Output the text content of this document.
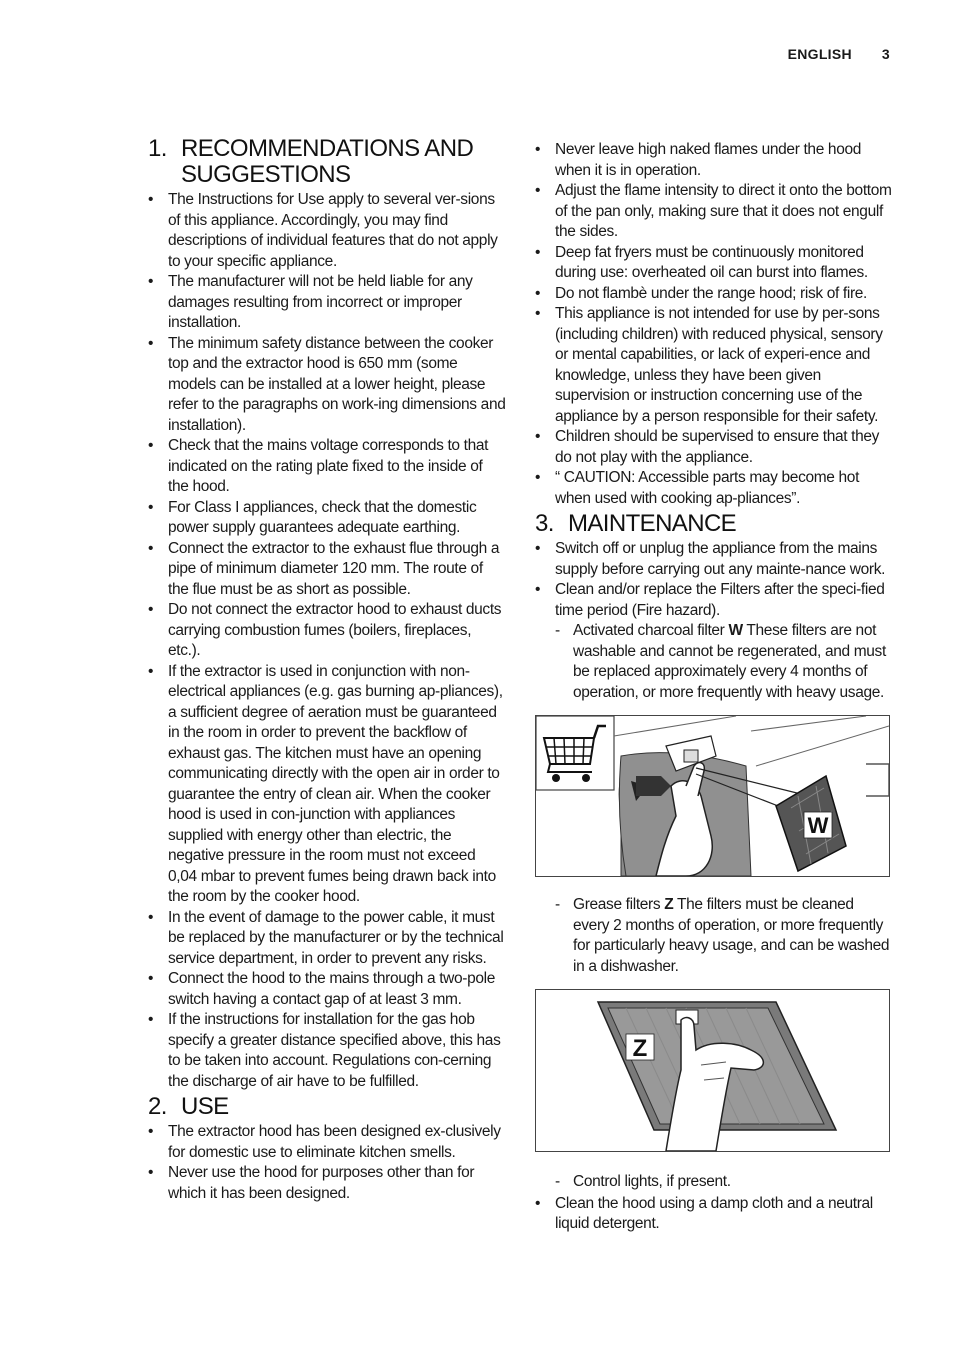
ENGLISH 3
1. RECOMMENDATIONS AND SUGGESTIONS
• The Instructions for Use apply to several ver-sions of this appliance. Accordingly, you may find descriptions of individual features that do not apply to your specific appliance.
• The manufacturer will not be held liable for any damages resulting from incorrect or improper installation.
• The minimum safety distance between the cooker top and the extractor hood is 650 mm (some models can be installed at a lower height, please refer to the paragraphs on work-ing dimensions and installation).
• Check that the mains voltage corresponds to that indicated on the rating plate fixed to the inside of the hood.
• For Class I appliances, check that the domestic power supply guarantees adequate earthing.
• Connect the extractor to the exhaust flue through a pipe of minimum diameter 120 mm. The route of the flue must be as short as possible.
• Do not connect the extractor hood to exhaust ducts carrying combustion fumes (boilers, fireplaces, etc.).
• If the extractor is used in conjunction with non-electrical appliances (e.g. gas burning ap-pliances), a sufficient degree of aeration must be guaranteed in the room in order to prevent the backflow of exhaust gas. The kitchen must have an opening communicating directly with the open air in order to guarantee the entry of clean air. When the cooker hood is used in con-junction with appliances supplied with energy other than electric, the negative pressure in the room must not exceed 0,04 mbar to prevent fumes being drawn back into the room by the cooker hood.
• In the event of damage to the power cable, it must be replaced by the manufacturer or by the technical service department, in order to prevent any risks.
• Connect the hood to the mains through a two-pole switch having a contact gap of at least 3 mm.
• If the instructions for installation for the gas hob specify a greater distance specified above, this has to be taken into account. Regulations con-cerning the discharge of air have to be fulfilled.
2. USE
• The extractor hood has been designed ex-clusively for domestic use to eliminate kitchen smells.
• Never use the hood for purposes other than for which it has been designed.
• Never leave high naked flames under the hood when it is in operation.
• Adjust the flame intensity to direct it onto the bottom of the pan only, making sure that it does not engulf the sides.
• Deep fat fryers must be continuously monitored during use: overheated oil can burst into flames.
• Do not flambè under the range hood; risk of fire.
• This appliance is not intended for use by per-sons (including children) with reduced physical, sensory or mental capabilities, or lack of experi-ence and knowledge, unless they have been given supervision or instruction concerning use of the appliance by a person responsible for their safety.
• Children should be supervised to ensure that they do not play with the appliance.
• “ CAUTION: Accessible parts may become hot when used with cooking ap-pliances”.
3. MAINTENANCE
• Switch off or unplug the appliance from the mains supply before carrying out any mainte-nance work.
• Clean and/or replace the Filters after the speci-fied time period (Fire hazard).
- Activated charcoal filter W These filters are not washable and cannot be regenerated, and must be replaced approximately every 4 months of operation, or more frequently with heavy usage.
W
- Grease filters Z The filters must be cleaned every 2 months of operation, or more frequently for particularly heavy usage, and can be washed in a dishwasher.
Z
- Control lights, if present.
• Clean the hood using a damp cloth and a neutral liquid detergent.
